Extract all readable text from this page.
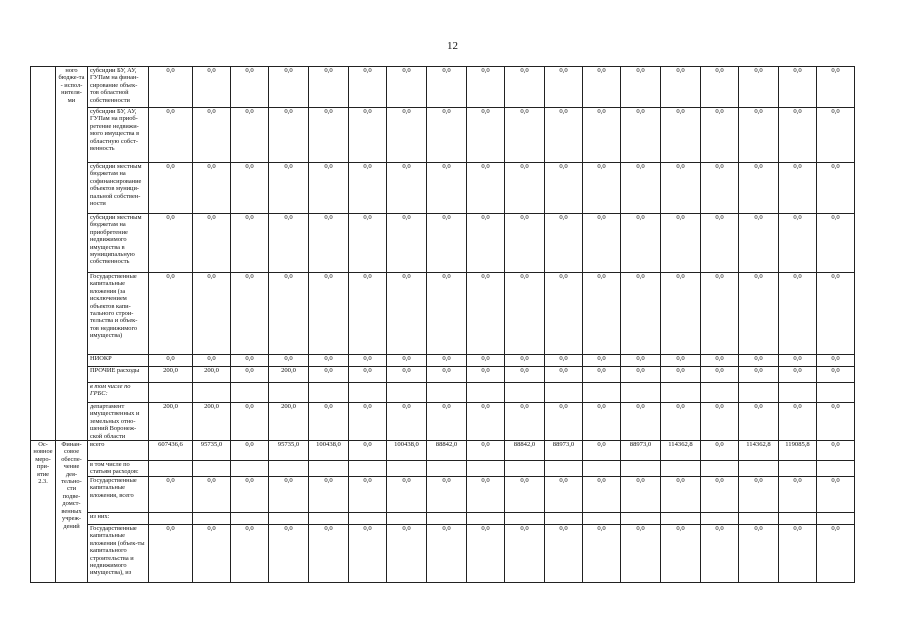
12
	ного бюдже-та - испол-нителя-ми	субсидии БУ, АУ, ГУПам на финан-сирование объек-тов областной собственности	0,0	0,0	0,0	0,0	0,0	0,0	0,0	0,0	0,0	0,0	0,0	0,0	0,0	0,0	0,0	0,0	0,0	0,0
		субсидии БУ, АУ, ГУПам на приоб-ретение недвижи-мого имущества в областную собст-венность	0,0	0,0	0,0	0,0	0,0	0,0	0,0	0,0	0,0	0,0	0,0	0,0	0,0	0,0	0,0	0,0	0,0	0,0
		субсидии местным бюджетам на софинансирование объектов муници-пальной собствен-ности	0,0	0,0	0,0	0,0	0,0	0,0	0,0	0,0	0,0	0,0	0,0	0,0	0,0	0,0	0,0	0,0	0,0	0,0
		субсидии местным бюджетам на приобретение недвижимого имущества в муниципальную собственность	0,0	0,0	0,0	0,0	0,0	0,0	0,0	0,0	0,0	0,0	0,0	0,0	0,0	0,0	0,0	0,0	0,0	0,0
		Государственные капитальные вложения (за исключением объектов капи-тального строи-тельства и объек-тов недвижимого имущества)	0,0	0,0	0,0	0,0	0,0	0,0	0,0	0,0	0,0	0,0	0,0	0,0	0,0	0,0	0,0	0,0	0,0	0,0
		НИОКР	0,0	0,0	0,0	0,0	0,0	0,0	0,0	0,0	0,0	0,0	0,0	0,0	0,0	0,0	0,0	0,0	0,0	0,0
		ПРОЧИЕ расходы	200,0	200,0	0,0	200,0	0,0	0,0	0,0	0,0	0,0	0,0	0,0	0,0	0,0	0,0	0,0	0,0	0,0	0,0
		в том числе по ГРБС:																		
		департамент имущественных и земельных отно-шений Воронеж-ской области	200,0	200,0	0,0	200,0	0,0	0,0	0,0	0,0	0,0	0,0	0,0	0,0	0,0	0,0	0,0	0,0	0,0	0,0
Ос-новное меро-при-ятие 2.3.	Финан-совое обеспе-чение дея-тельно-сти подве-домст-венных учреж-дений	всего	607436,6	95735,0	0,0	95735,0	100438,0	0,0	100438,0	88842,0	0,0	88842,0	88973,0	0,0	88973,0	114362,8	0,0	114362,8	119085,8	0,0
		в том числе по статьям расходов:																		
		Государственные капитальные вложения, всего	0,0	0,0	0,0	0,0	0,0	0,0	0,0	0,0	0,0	0,0	0,0	0,0	0,0	0,0	0,0	0,0	0,0	0,0
		из них:																		
		Государственные капитальные вложения (объек-ты капитального строительства и недвижимого имущества), из	0,0	0,0	0,0	0,0	0,0	0,0	0,0	0,0	0,0	0,0	0,0	0,0	0,0	0,0	0,0	0,0	0,0	0,0
